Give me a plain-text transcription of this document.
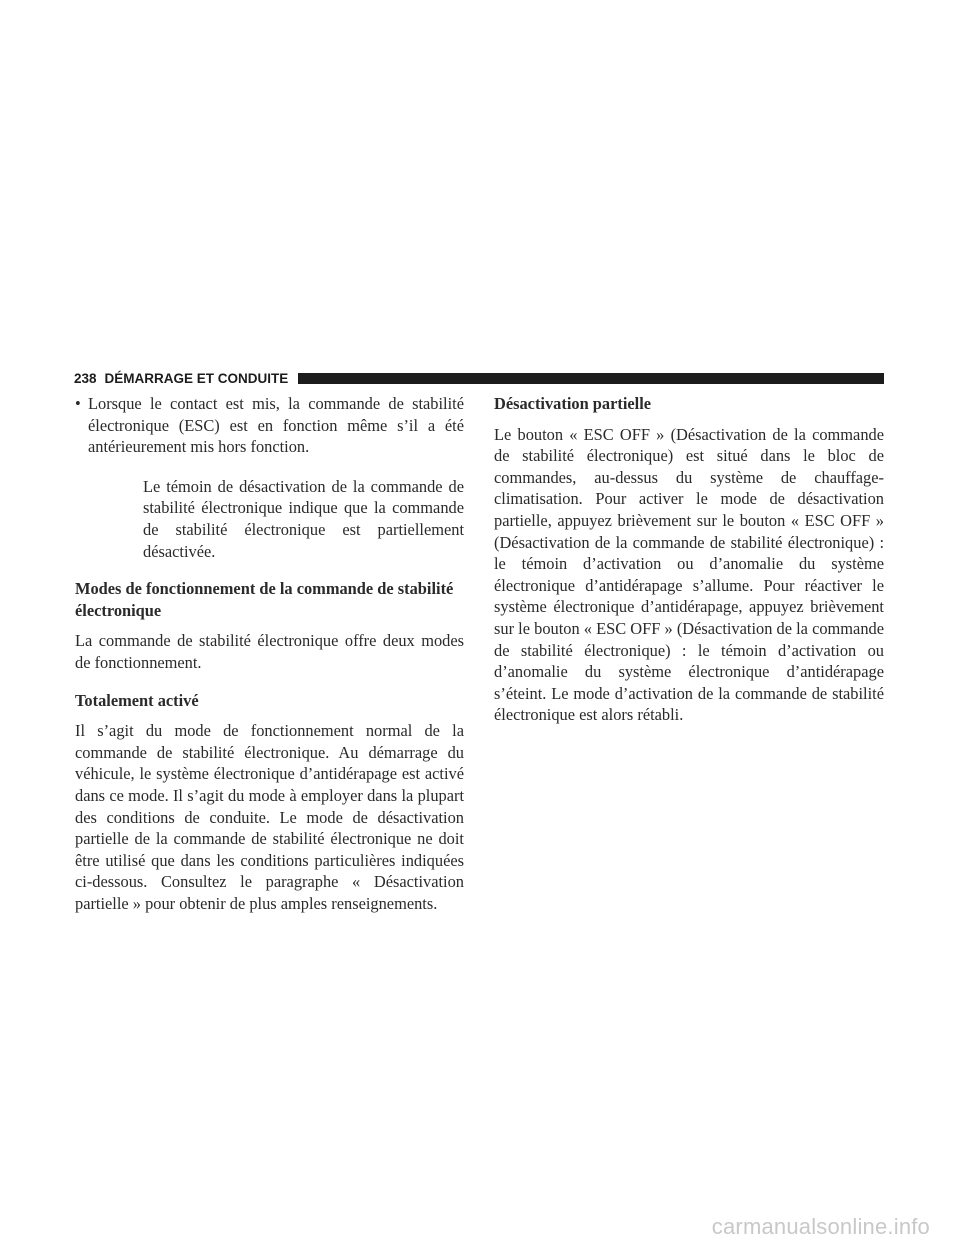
238 DÉMARRAGE ET CONDUITE
• Lorsque le contact est mis, la commande de stabilité électronique (ESC) est en fonction même s’il a été antérieurement mis hors fonction.

Le témoin de désactivation de la commande de stabilité électronique indique que la commande de stabilité électronique est partiellement désactivée.

Modes de fonctionnement de la commande de stabilité électronique

La commande de stabilité électronique offre deux modes de fonctionnement.

Totalement activé

Il s’agit du mode de fonctionnement normal de la commande de stabilité électronique. Au démarrage du véhicule, le système électronique d’antidérapage est activé dans ce mode. Il s’agit du mode à employer dans la plupart des conditions de conduite. Le mode de désactivation partielle de la commande de stabilité électronique ne doit être utilisé que dans les conditions particulières indiquées ci-dessous. Consultez le paragraphe « Désactivation partielle » pour obtenir de plus amples renseignements.

Désactivation partielle

Le bouton « ESC OFF » (Désactivation de la commande de stabilité électronique) est situé dans le bloc de commandes, au-dessus du système de chauffage-climatisation. Pour activer le mode de désactivation partielle, appuyez brièvement sur le bouton « ESC OFF » (Désactivation de la commande de stabilité électronique) : le témoin d’activation ou d’anomalie du système électronique d’antidérapage s’allume. Pour réactiver le système électronique d’antidérapage, appuyez brièvement sur le bouton « ESC OFF » (Désactivation de la commande de stabilité électronique) : le témoin d’activation ou d’anomalie du système électronique d’antidérapage s’éteint. Le mode d’activation de la commande de stabilité électronique est alors rétabli.

carmanualsonline.info
